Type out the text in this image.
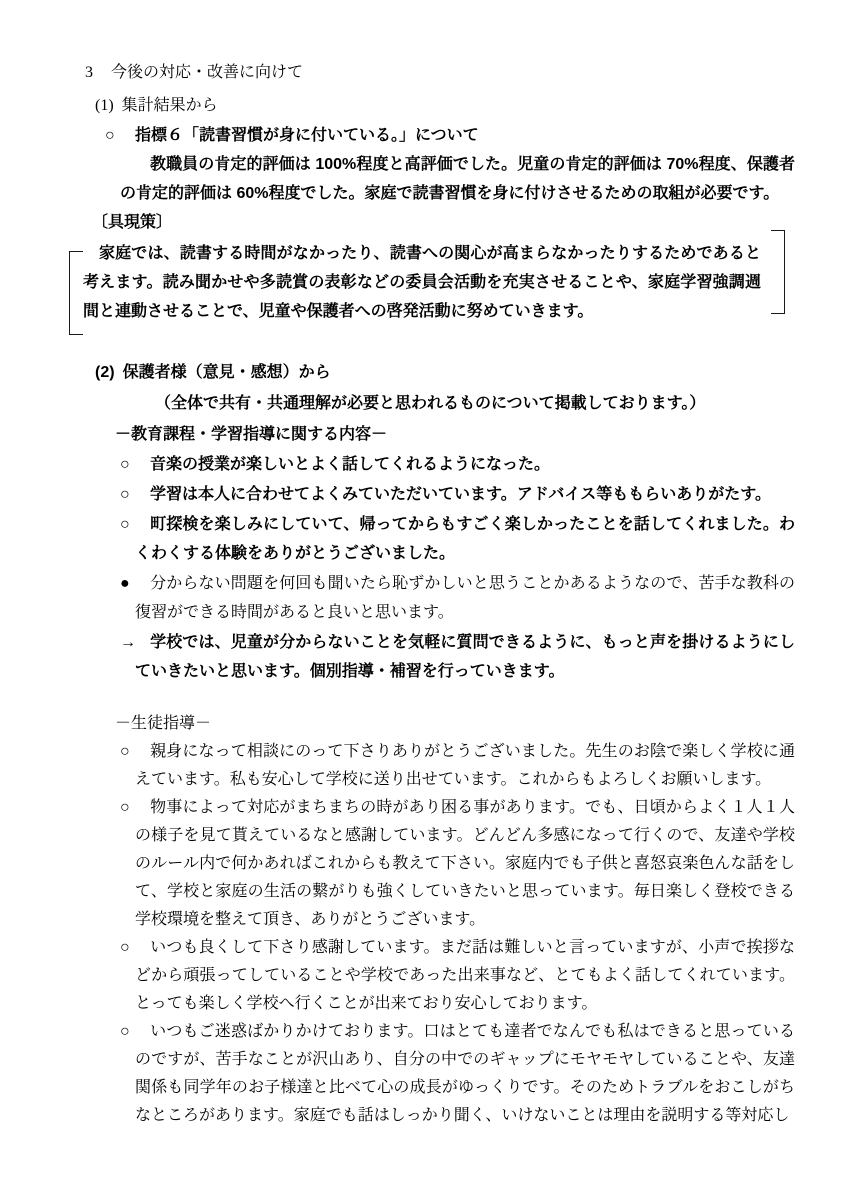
3 今後の対応・改善に向けて
(1) 集計結果から
○ 指標６「読書習慣が身に付いている。」について
教職員の肯定的評価は 100%程度と高評価でした。児童の肯定的評価は 70%程度、保護者の肯定的評価は 60%程度でした。家庭で読書習慣を身に付けさせるための取組が必要です。
〔具現策〕
家庭では、読書する時間がなかったり、読書への関心が高まらなかったりするためであると考えます。読み聞かせや多読賞の表彰などの委員会活動を充実させることや、家庭学習強調週間と連動させることで、児童や保護者への啓発活動に努めていきます。
(2) 保護者様（意見・感想）から
（全体で共有・共通理解が必要と思われるものについて掲載しております。）
－教育課程・学習指導に関する内容－
○ 音楽の授業が楽しいとよく話してくれるようになった。
○ 学習は本人に合わせてよくみていただいています。アドバイス等ももらいありがたす。
○ 町探検を楽しみにしていて、帰ってからもすごく楽しかったことを話してくれました。わくわくする体験をありがとうございました。
● 分からない問題を何回も聞いたら恥ずかしいと思うことかあるようなので、苦手な教科の復習ができる時間があると良いと思います。
→ 学校では、児童が分からないことを気軽に質問できるように、もっと声を掛けるようにしていきたいと思います。個別指導・補習を行っていきます。
－生徒指導－
○ 親身になって相談にのって下さりありがとうございました。先生のお陰で楽しく学校に通えています。私も安心して学校に送り出せています。これからもよろしくお願いします。
○ 物事によって対応がまちまちの時があり困る事があります。でも、日頃からよく１人１人の様子を見て貰えているなと感謝しています。どんどん多感になって行くので、友達や学校のルール内で何かあればこれからも教えて下さい。家庭内でも子供と喜怒哀楽色んな話をして、学校と家庭の生活の繋がりも強くしていきたいと思っています。毎日楽しく登校できる学校環境を整えて頂き、ありがとうございます。
○ いつも良くして下さり感謝しています。まだ話は難しいと言っていますが、小声で挨拶などから頑張ってしていることや学校であった出来事など、とてもよく話してくれています。とっても楽しく学校へ行くことが出来ており安心しております。
○ いつもご迷惑ばかりかけております。口はとても達者でなんでも私はできると思っているのですが、苦手なことが沢山あり、自分の中でのギャップにモヤモヤしていることや、友達関係も同学年のお子様達と比べて心の成長がゆっくりです。そのためトラブルをおこしがちなところがあります。家庭でも話はしっかり聞く、いけないことは理由を説明する等対応し
